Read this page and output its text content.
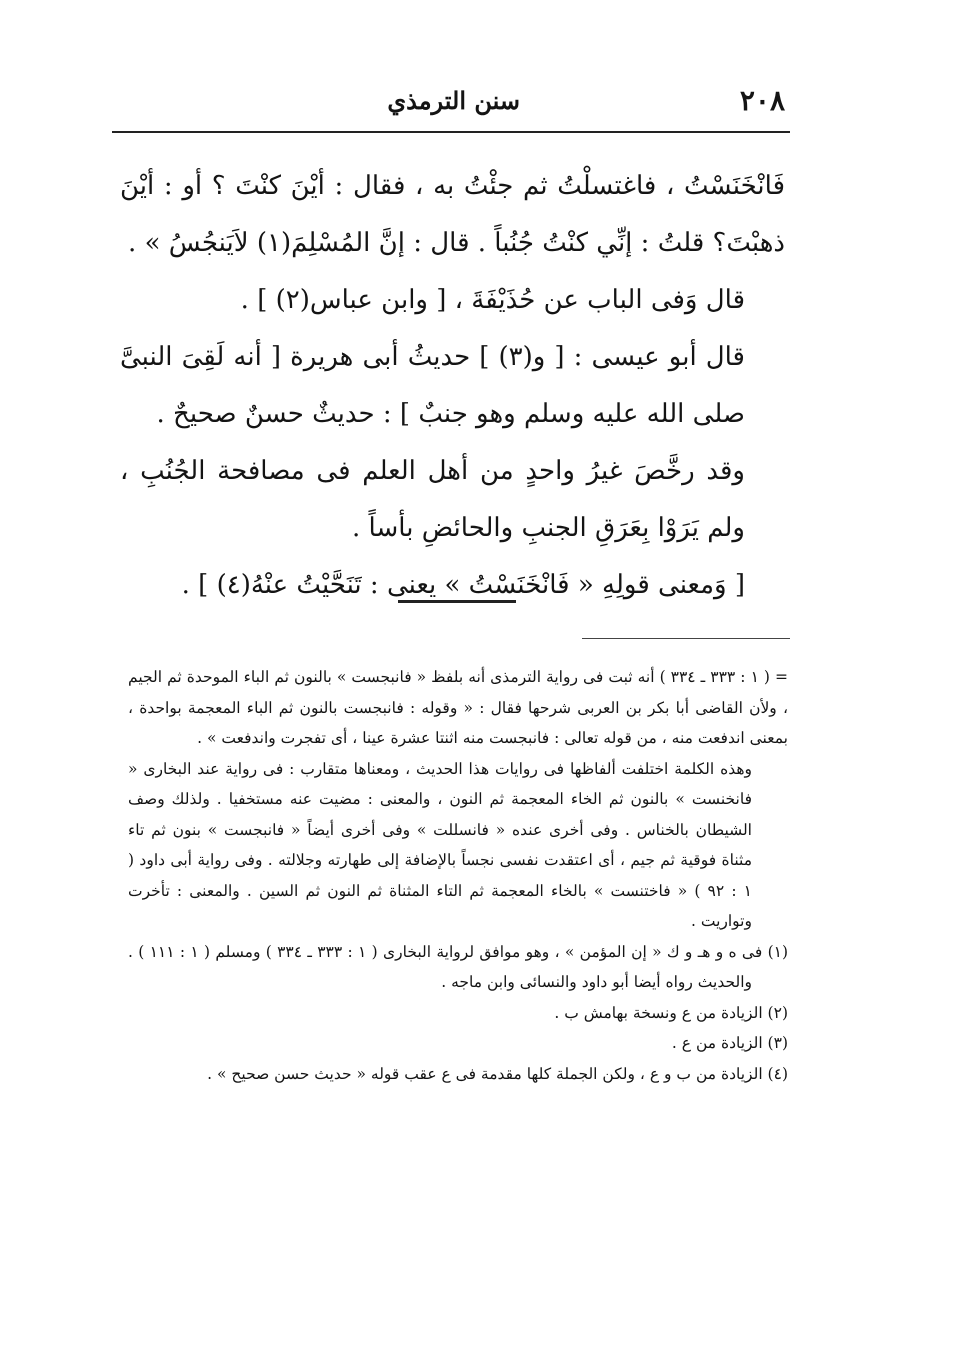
٢٠٨
سنن الترمذي

فَانْخَنَسْتُ ، فاغتسلْتُ ثم جئْتُ به ، فقال : أيْنَ كنْتَ ؟ أو : أيْنَ ذهبْتَ؟ قلتُ : إنِّي كنْتُ جُنُباً . قال : إنَّ المُسْلِمَ(١) لاَيَنجُسُ » .

قال وَفى الباب عن حُذَيْفَةَ ، [ وابن عباس(٢) ] .

قال أبو عيسى : [ و(٣) ] حديثُ أبى هريرة [ أنه لَقِىَ النبىَّ صلى الله عليه وسلم وهو جنبٌ ] : حديثٌ حسنٌ صحيحٌ .

وقد رخَّصَ غيرُ واحدٍ من أهل العلم فى مصافحة الجُنُبِ ، ولم يَرَوْا بِعَرَقِ الجنبِ والحائضِ بأساً .

[ وَمعنى قولِهِ « فَانْخَنَسْتُ » يعنى : تَنَحَّيْتُ عنْهُ(٤) ] .

= ( ١ : ٣٣٣ ـ ٣٣٤ ) أنه ثبت فى رواية الترمذى أنه بلفظ « فانبجست » بالنون ثم الباء الموحدة ثم الجيم ، ولأن القاضى أبا بكر بن العربى شرحها فقال : « وقوله : فانبجست بالنون ثم الباء المعجمة بواحدة ، بمعنى اندفعت منه ، من قوله تعالى : فانبجست منه اثنتا عشرة عينا ، أى تفجرت واندفعت » .

وهذه الكلمة اختلفت ألفاظها فى روايات هذا الحديث ، ومعناها متقارب : فى رواية عند البخارى « فانخنست » بالنون ثم الخاء المعجمة ثم النون ، والمعنى : مضيت عنه مستخفيا . ولذلك وصف الشيطان بالخناس . وفى أخرى عنده « فانسللت » وفى أخرى أيضاً « فانبجست » بنون ثم تاء مثناة فوقية ثم جيم ، أى اعتقدت نفسى نجساً بالإضافة إلى طهارته وجلالته . وفى رواية أبى داود ( ١ : ٩٢ ) « فاختنست » بالخاء المعجمة ثم التاء المثناة ثم النون ثم السين . والمعنى : تأخرت وتواريت .

(١) فى ه و هـ و ك « إن المؤمن » ، وهو موافق لرواية البخارى ( ١ : ٣٣٣ ـ ٣٣٤ ) ومسلم ( ١ : ١١١ ) . والحديث رواه أيضا أبو داود والنسائى وابن ماجه .

(٢) الزيادة من ع ونسخة بهامش ب .

(٣) الزيادة من ع .

(٤) الزيادة من ب و ع ، ولكن الجملة كلها مقدمة فى ع عقب قوله « حديث حسن صحيح » .
